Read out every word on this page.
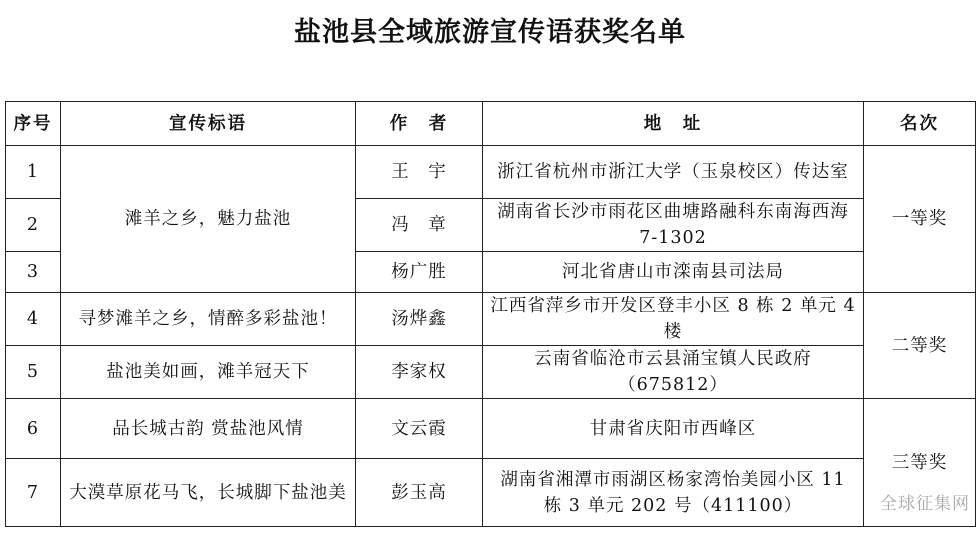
盐池县全域旅游宣传语获奖名单
序号	宣传标语	作　者	地　址	名次
1	滩羊之乡，魅力盐池	王　宇	浙江省杭州市浙江大学（玉泉校区）传达室	一等奖
2		冯　章	湖南省长沙市雨花区曲塘路融科东南海西海 7-1302	
3		杨广胜	河北省唐山市滦南县司法局	
4	寻梦滩羊之乡，情醉多彩盐池！	汤烨鑫	江西省萍乡市开发区登丰小区 8 栋 2 单元 4 楼	二等奖
5	盐池美如画，滩羊冠天下	李家权	云南省临沧市云县涌宝镇人民政府（675812）	
6	品长城古韵 赏盐池风情	文云霞	甘肃省庆阳市西峰区	三等奖
7	大漠草原花马飞，长城脚下盐池美	彭玉高	湖南省湘潭市雨湖区杨家湾怡美园小区 11 栋 3 单元 202 号（411100）		全球征集网
